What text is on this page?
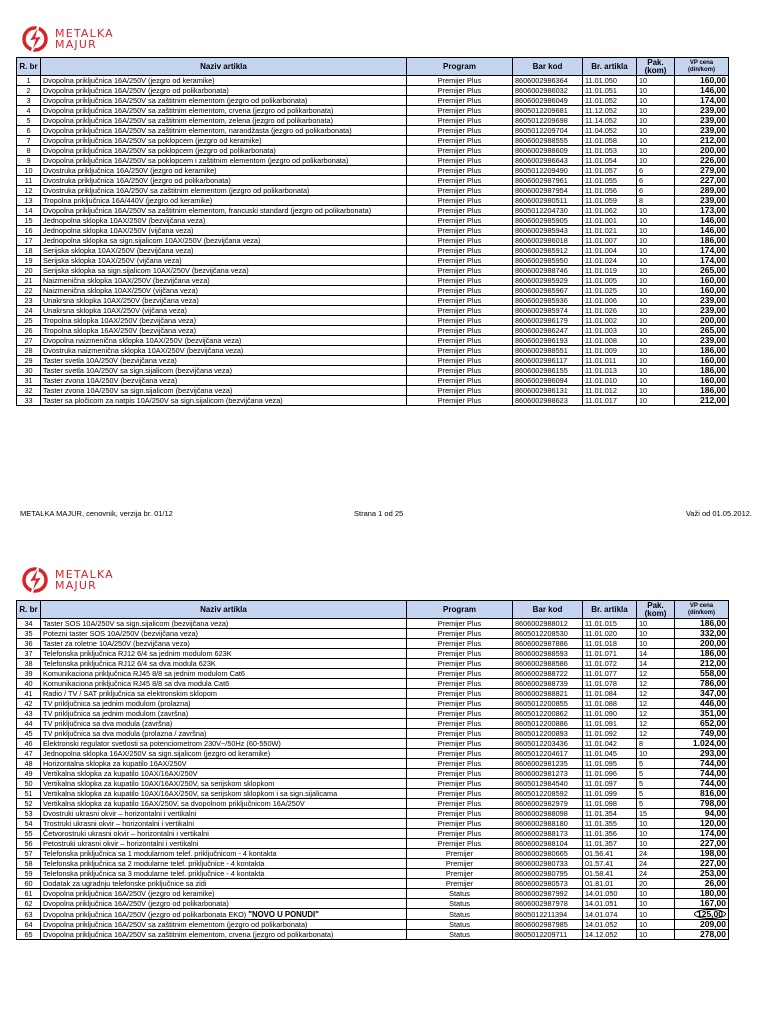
METALKA
MAJUR
R. br	Naziv artikla	Program	Bar kod	Br. artikla	Pak. (kom)	VP cena
(din/kom)

1	Dvopolna priključnica 16A/250V (jezgro od keramike)	Premijer Plus	8606002986364	11.01.050	10	160,00
2	Dvopolna priključnica 16A/250V (jezgro od polikarbonata)	Premijer Plus	8606002986032	11.01.051	10	146,00
3	Dvopolna priključnica 16A/250V sa zaštitnim elementom (jezgro od polikarbonata)	Premijer Plus	8606002986049	11.01.052	10	174,00
4	Dvopolna priključnica 16A/250V sa zaštitnim elementom, crvena (jezgro od polikarbonata)	Premijer Plus	8605012209681	11.12.052	10	239,00
5	Dvopolna priključnica 16A/250V sa zaštitnim elementom, zelena (jezgro od polikarbonata)	Premijer Plus	8605012209698	11.14.052	10	239,00
6	Dvopolna priključnica 16A/250V sa zaštitnim elementom, narandžasta (jezgro od polikarbonata)	Premijer Plus	8605012209704	11.04.052	10	239,00
7	Dvopolna priključnica 16A/250V sa poklopcem (jezgro od keramike)	Premijer Plus	8606002988555	11.01.058	10	212,00
8	Dvopolna priključnica 16A/250V sa poklopcem (jezgro od polikarbonata)	Premijer Plus	8606002988609	11.01.053	10	200,00
9	Dvopolna priključnica 16A/250V sa poklopcem i zaštitnim elementom (jezgro od polikarbonata)	Premijer Plus	8606002986643	11.01.054	10	226,00
10	Dvostruka priključnica 16A/250V (jezgro od keramike)	Premijer Plus	8605012209490	11.01.057	6	279,00
11	Dvostruka priključnica 16A/250V (jezgro od polikarbonata)	Premijer Plus	8606002987961	11.01.055	6	227,00
12	Dvostruka priključnica 16A/250V sa zaštitnim elementom (jezgro od polikarbonata)	Premijer Plus	8606002987954	11.01.056	6	289,00
13	Tropolna priključnica 16A/440V (jezgro od keramike)	Premijer Plus	8606002980511	11.01.059	8	239,00
14	Dvopolna priključnica 16A/250V sa zaštitnim elementom, francuski standard (jezgro od polikarbonata)	Premijer Plus	8605012204730	11.01.062	10	173,00
15	Jednopolna sklopka 10AX/250V (bezvijčana veza)	Premijer Plus	8606002985905	11.01.001	10	146,00
16	Jednopolna sklopka 10AX/250V (vijčana veza)	Premijer Plus	8606002985943	11.01.021	10	146,00
17	Jednopolna sklopka sa sign.sijalicom 10AX/250V (bezvijčana veza)	Premijer Plus	8606002986018	11.01.007	10	186,00
18	Serijska sklopka 10AX/250V (bezvijčana veza)	Premijer Plus	8606002985912	11.01.004	10	174,00
19	Serijska sklopka 10AX/250V (vijčana veza)	Premijer Plus	8606002985950	11.01.024	10	174,00
20	Serijska sklopka sa sign.sijalicom 10AX/250V (bezvijčana veza)	Premijer Plus	8606002988746	11.01.019	10	265,00
21	Naizmenična sklopka 10AX/250V (bezvijčana veza)	Premijer Plus	8606002985929	11.01.005	10	160,00
22	Naizmenična sklopka 10AX/250V (vijčana veza)	Premijer Plus	8606002985967	11.01.025	10	160,00
23	Unakrsna sklopka 10AX/250V (bezvijčana veza)	Premijer Plus	8606002985936	11.01.006	10	239,00
24	Unakrsna sklopka 10AX/250V (vijčana veza)	Premijer Plus	8606002985974	11.01.026	10	239,00
25	Tropolna sklopka 10AX/250V (bezvijčana veza)	Premijer Plus	8606002986179	11.01.002	10	200,00
26	Tropolna sklopka 16AX/250V (bezvijčana veza)	Premijer Plus	8606002986247	11.01.003	10	265,00
27	Dvopolna naizmenična sklopka 10AX/250V (bezvijčana veza)	Premijer Plus	8606002986193	11.01.008	10	239,00
28	Dvostruka naizmenična sklopka 10AX/250V (bezvijčana veza)	Premijer Plus	8606002988551	11.01.009	10	186,00
29	Taster svetla 10A/250V (bezvijčana veza)	Premijer Plus	8606002986117	11.01.011	10	160,00
30	Taster svetla 10A/250V sa sign.sijalicom (bezvijčana veza)	Premijer Plus	8606002986155	11.01.013	10	186,00
31	Taster zvona 10A/250V (bezvijčana veza)	Premijer Plus	8606002986094	11.01.010	10	160,00
32	Taster zvona 10A/250V sa sign.sijalicom (bezvijčana veza)	Premijer Plus	8606002986131	11.01.012	10	186,00
33	Taster sa pločicom za natpis 10A/250V sa sign.sijalicom (bezvijčana veza)	Premijer Plus	8606002988623	11.01.017	10	212,00
METALKA MAJUR, cenovnik, verzija br. 01/12	Strana 1 od 25	Važi od 01.05.2012.
METALKA
MAJUR
R. br	Naziv artikla	Program	Bar kod	Br. artikla	Pak. (kom)	VP cena
(din/kom)

34	Taster SOS 10A/250V sa sign.sijalicom (bezvijčana veza)	Premijer Plus	8606002988012	11.01.015	10	186,00
35	Potezni taster SOS 10A/250V (bezvijčana veza)	Premijer Plus	8605012208530	11.01.020	10	332,00
36	Taster za roletne 10A/250V (bezvijčana veza)	Premijer Plus	8606002987886	11.01.018	10	200,00
37	Telefonska priključnica RJ12 6/4 sa jednim modulom 623K	Premijer Plus	8606002988593	11.01.071	14	186,00
38	Telefonska priključnica RJ12 6/4 sa dva modula 623K	Premijer Plus	8606002988586	11.01.072	14	212,00
39	Komunikaciona priključnica RJ45 8/8 sa jednim modulom Cat6	Premijer Plus	8606002988722	11.01.077	12	558,00
40	Komunikaciona priključnica RJ45 8/8 sa dva modula Cat6	Premijer Plus	8606002988739	11.01.078	12	786,00
41	Radio / TV / SAT priključnica sa elektronskim sklopom	Premijer Plus	8606002988821	11.01.084	12	347,00
42	TV priključnica sa jednim modulom (prolazna)	Premijer Plus	8605012200855	11.01.088	12	446,00
43	TV priključnica sa jednim modulom (završna)	Premijer Plus	8605012200862	11.01.090	12	351,00
44	TV priključnica sa dva modula (završna)	Premijer Plus	8605012200886	11.01.091	12	652,00
45	TV priključnica sa dva modula (prolazna / završna)	Premijer Plus	8605012200893	11.01.092	12	749,00
46	Elektronski regulator svetlosti sa potenciometrom 230V~/50Hz (60-550W)	Premijer Plus	8605012203436	11.01.042	8	1.024,00
47	Jednopolna sklopka 16AX/250V sa sign.sijalicom (jezgro od keramike)	Premijer Plus	8605012204617	11.01.045	10	293,00
48	Horizontalna sklopka za kupatilo 16AX/250V	Premijer Plus	8606002981235	11.01.095	5	744,00
49	Vertikalna sklopka za kupatilo 10AX/16AX/250V	Premijer Plus	8606002981273	11.01.096	5	744,00
50	Vertikalna sklopka za kupatilo 10AX/16AX/250V, sa serijskom sklopkom	Premijer Plus	8605012984540	11.01.097	5	744,00
51	Vertikalna sklopka za kupatilo 10AX/16AX/250V, sa serijskom sklopkom i sa sign.sijalicama	Premijer Plus	8605012208592	11.01.099	5	816,00
52	Vertikalna sklopka za kupatilo 16AX/250V, sa dvopolnom priključnicom 16A/250V	Premijer Plus	8606002982979	11.01.098	5	798,00
53	Dvostruki ukrasni okvir – horizontalni i vertikalni	Premijer Plus	8606002988098	11.01.354	15	94,00
54	Trostruki ukrasni okvir – horizontalni i vertikalni	Premijer Plus	8606002988180	11.01.355	10	120,00
55	Četvorostruki ukrasni okvir – horizontalni i vertikalni	Premijer Plus	8606002988173	11.01.356	10	174,00
56	Petostruki ukrasni okvir – horizontalni i vertikalni	Premijer Plus	8606002988104	11.01.357	10	227,00
57	Telefonska priključnica sa 1 modularnom telef. priključnicom - 4 kontakta	Premijer	8606002980665	01.56.41	24	198,00
58	Telefonska priključnica sa 2 modularne telef. priključnice - 4 kontakta	Premijer	8606002980733	01.57.41	24	227,00
59	Telefonska priključnica sa 3 modularne telef. priključnice - 4 kontakta	Premijer	8606002980795	01.58.41	24	253,00
60	Dodatak za ugradnju telefonske priključnice sa zidi	Premijer	8606002980573	01.81.01	20	26,00
61	Dvopolna priključnica 16A/250V (jezgro od keramike)	Status	8606002987992	14.01.050	10	180,00
62	Dvopolna priključnica 16A/250V (jezgro od polikarbonata)	Status	8606002987978	14.01.051	10	167,00
63	Dvopolna priključnica 16A/250V (jezgro od polikarbonata EKO) "NOVO U PONUDI"	Status	8605012211394	14.01.074	10	125,00
64	Dvopolna priključnica 16A/250V sa zaštitnim elementom (jezgro od polikarbonata)	Status	8606002987985	14.01.052	10	209,00
65	Dvopolna priključnica 16A/250V sa zaštitnim elementom, crvena (jezgro od polikarbonata)	Status	8605012209711	14.12.052	10	278,00
